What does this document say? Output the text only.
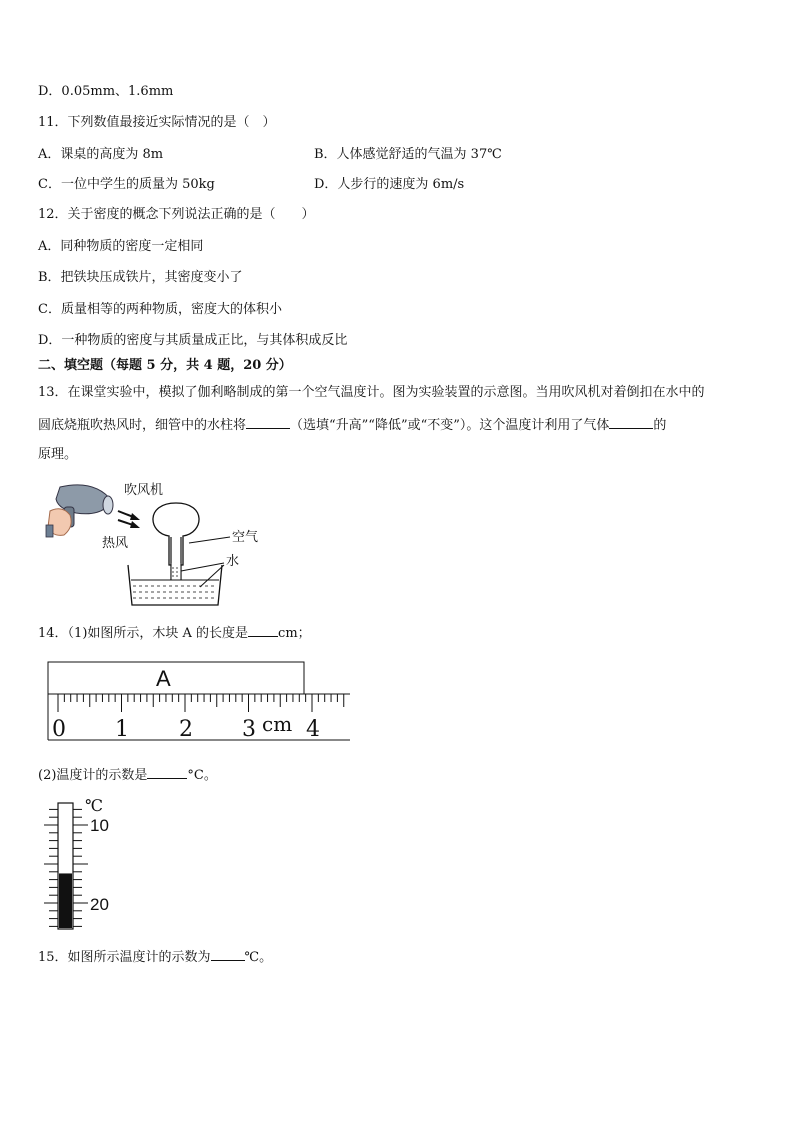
D．0.05mm、1.6mm
11．下列数值最接近实际情况的是（　）
A．课桌的高度为 8m	B．人体感觉舒适的气温为 37℃
C．一位中学生的质量为 50kg	D．人步行的速度为 6m/s
12．关于密度的概念下列说法正确的是（　　）
A．同种物质的密度一定相同
B．把铁块压成铁片，其密度变小了
C．质量相等的两种物质，密度大的体积小
D．一种物质的密度与其质量成正比，与其体积成反比
二、填空题（每题 5 分，共 4 题，20 分）
13．在课堂实验中，模拟了伽利略制成的第一个空气温度计。图为实验装置的示意图。当用吹风机对着倒扣在水中的
圆底烧瓶吹热风时，细管中的水柱将	（选填“升高”“降低”或“不变”）。这个温度计利用了气体	的
原理。
吹风机
热风	空气
水
14．（1)如图所示，木块 A 的长度是 cm；
A
0 1 2 3 cm 4
(2)温度计的示数是	°C。
℃
10
20
15．如图所示温度计的示数为	℃。
